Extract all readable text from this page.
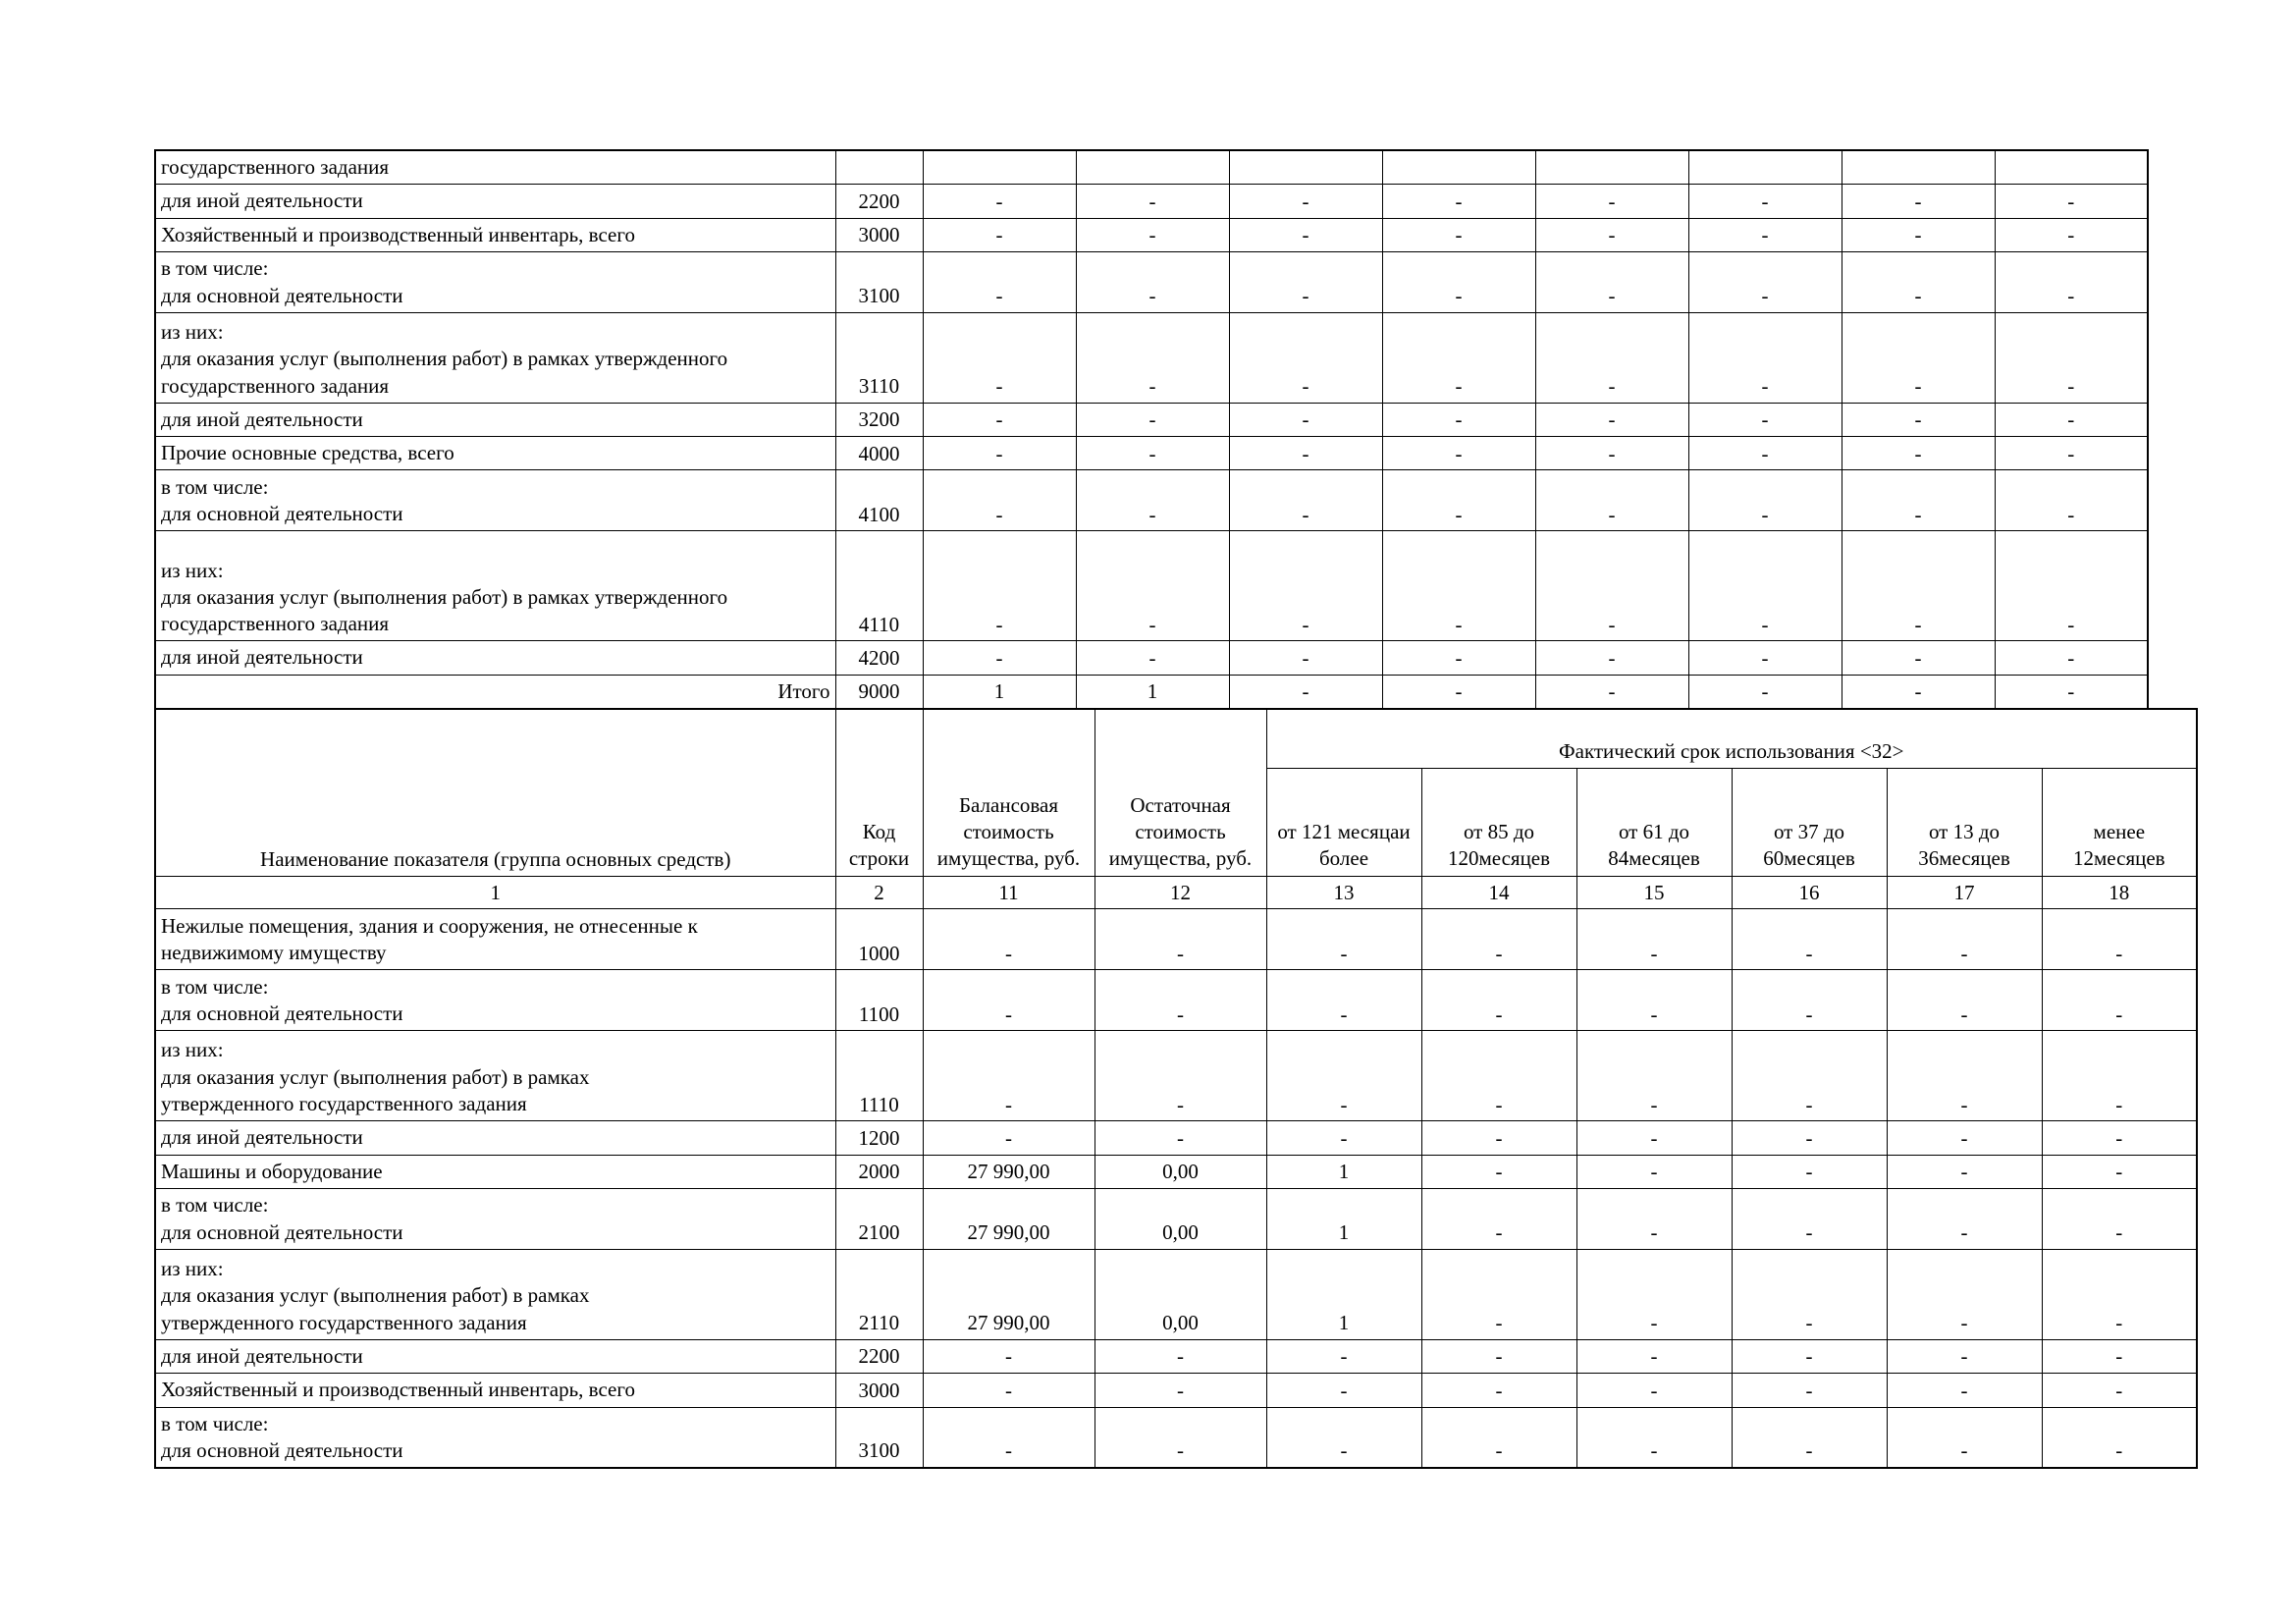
государственного задания									

для иной деятельности	2200	-	-	-	-	-	-	-	-

Хозяйственный и производственный инвентарь, всего	3000	-	-	-	-	-	-	-	-

в том числе:
для основной деятельности	3100	-	-	-	-	-	-	-	-

из них:
для оказания услуг (выполнения работ) в рамках утвержденного
государственного задания	3110	-	-	-	-	-	-	-	-

для иной деятельности	3200	-	-	-	-	-	-	-	-

Прочие основные средства, всего	4000	-	-	-	-	-	-	-	-

в том числе:
для основной деятельности	4100	-	-	-	-	-	-	-	-

из них:
для оказания услуг (выполнения работ) в рамках утвержденного
государственного задания	4110	-	-	-	-	-	-	-	-

для иной деятельности	4200	-	-	-	-	-	-	-	-

Итого	9000	1	1	-	-	-	-	-	-
Наименование показателя (группа основных средств)	Код строки	Балансовая стоимость имущества, руб.	Остаточная стоимость имущества, руб.	Фактический срок использования <32>					
				от 121 месяцаи более	от 85 до 120месяцев	от 61 до 84месяцев	от 37 до 60месяцев	от 13 до 36месяцев	менее 12месяцев
1	2	11	12	13	14	15	16	17	18

Нежилые помещения, здания и сооружения, не отнесенные к
недвижимому имуществу	1000	-	-	-	-	-	-	-	-

в том числе:
для основной деятельности	1100	-	-	-	-	-	-	-	-

из них:
для оказания услуг (выполнения работ) в рамках
утвержденного государственного задания	1110	-	-	-	-	-	-	-	-

для иной деятельности	1200	-	-	-	-	-	-	-	-

Машины и оборудование	2000	27 990,00	0,00	1	-	-	-	-	-

в том числе:
для основной деятельности	2100	27 990,00	0,00	1	-	-	-	-	-

из них:
для оказания услуг (выполнения работ) в рамках
утвержденного государственного задания	2110	27 990,00	0,00	1	-	-	-	-	-

для иной деятельности	2200	-	-	-	-	-	-	-	-

Хозяйственный и производственный инвентарь, всего	3000	-	-	-	-	-	-	-	-

в том числе:
для основной деятельности	3100	-	-	-	-	-	-	-	-
